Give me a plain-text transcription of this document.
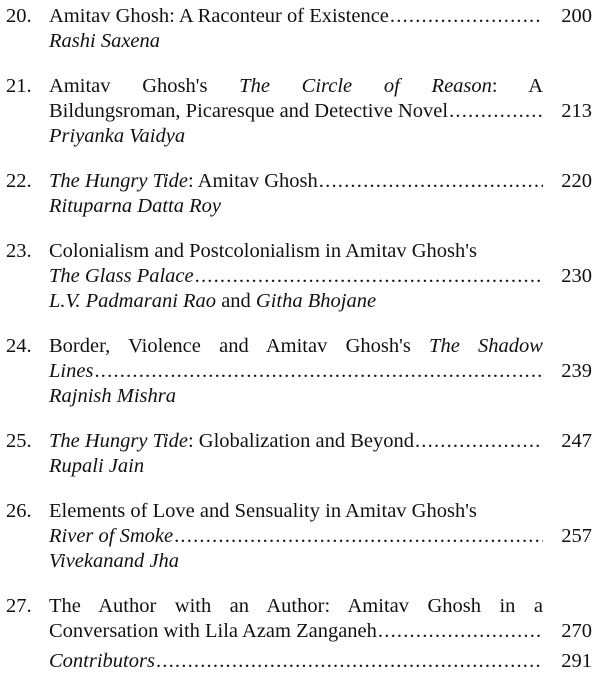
20. Amitav Ghosh: A Raconteur of Existence
.....
Rashi Saxena
200
21. Amitav Ghosh's The Circle of Reason: A
Bildungsroman, Picaresque and Detective Novel
.....
Priyanka Vaidya
213
22. The Hungry Tide: Amitav Ghosh
.....
Rituparna Datta Roy
220
23. Colonialism and Postcolonialism in Amitav Ghosh's
The Glass Palace
.....
L.V. Padmarani Rao and Githa Bhojane
230
24. Border, Violence and Amitav Ghosh's The Shadow
Lines
.....
Rajnish Mishra
239
25. The Hungry Tide: Globalization and Beyond
.....
Rupali Jain
247
26. Elements of Love and Sensuality in Amitav Ghosh's
River of Smoke
.....
Vivekanand Jha
257
27. The Author with an Author: Amitav Ghosh in a
Conversation with Lila Azam Zanganeh .....	270
Contributors .....	291
